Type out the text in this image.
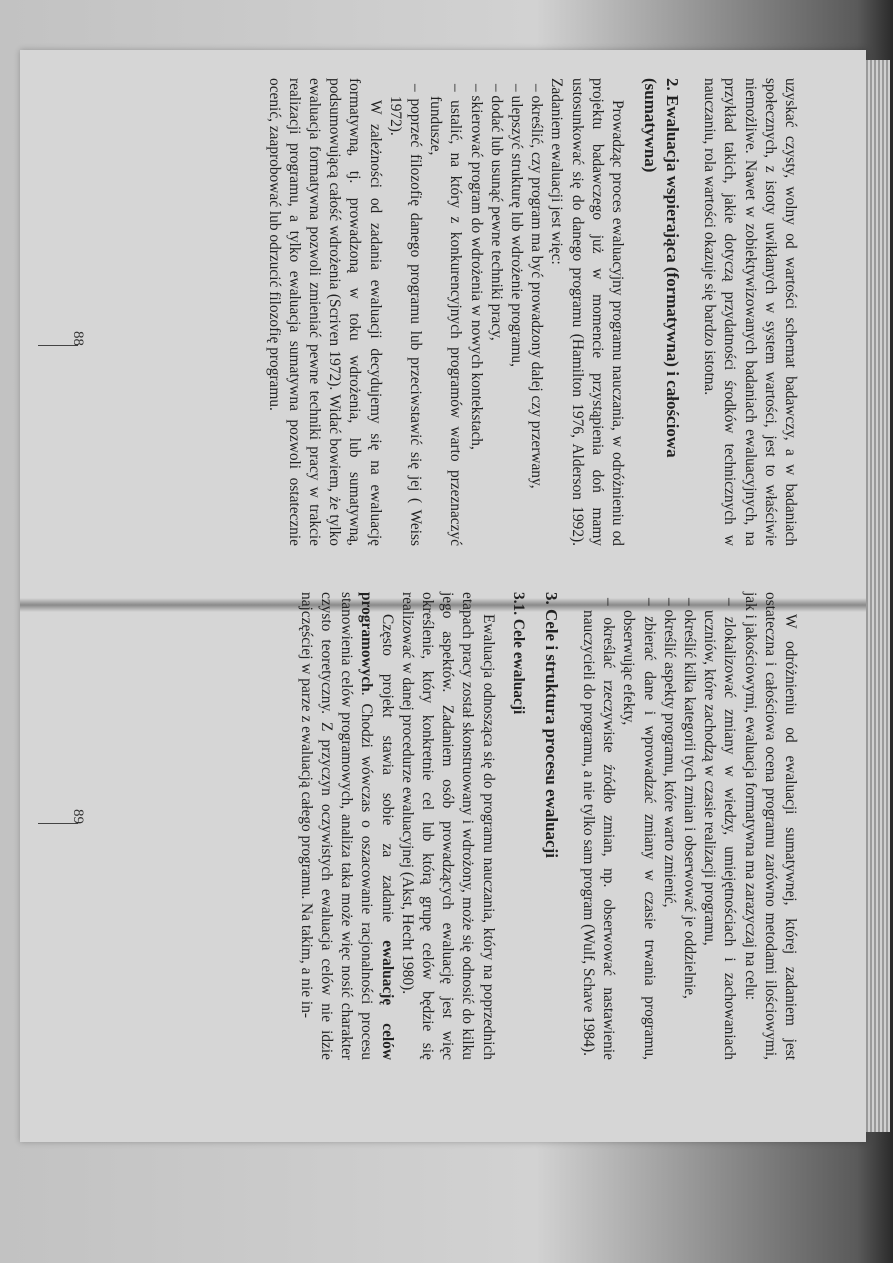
uzyskać czysty, wolny od wartości schemat badawczy, a w badaniach społecznych, z istoty uwikłanych w system wartości, jest to właściwie niemożliwe. Nawet w zobiektywizowanych badaniach ewaluacyjnych, na przykład takich, jakie dotyczą przydatności środków technicznych w nauczaniu, rola wartości okazuje się bardzo istotna.

2. Ewaluacja wspierająca (formatywna) i całościowa (sumatywna)

Prowadząc proces ewaluacyjny programu nauczania, w odróżnieniu od projektu badawczego już w momencie przystąpienia doń mamy ustosunkować się do danego programu (Hamilton 1976, Alderson 1992). Zadaniem ewaluacji jest więc:

– określić, czy program ma być prowadzony dalej czy przerwany,
– ulepszyć strukturę lub wdrożenie programu,
– dodać lub usunąć pewne techniki pracy,
– skierować program do wdrożenia w nowych kontekstach,
– ustalić, na który z konkurencyjnych programów warto przeznaczyć fundusze,
– poprzeć filozofię danego programu lub przeciwstawić się jej ( Weiss 1972).

W zależności od zadania ewaluacji decydujemy się na ewaluację formatywną, tj. prowadzoną w toku wdrożenia, lub sumatywną, podsumowującą całość wdrożenia (Scriven 1972). Widać bowiem, że tylko ewaluacja formatywna pozwoli zmieniać pewne techniki pracy w trakcie realizacji programu, a tylko ewaluacja sumatywna pozwoli ostatecznie ocenić, zaaprobować lub odrzucić filozofię programu.

88

W odróżnieniu od ewaluacji sumatywnej, której zadaniem jest ostateczna i całościowa ocena programu zarówno metodami ilościowymi, jak i jakościowymi, ewaluacja formatywna ma zarazyczaj na celu:

– zlokalizować zmiany w wiedzy, umiejętnościach i zachowaniach uczniów, które zachodzą w czasie realizacji programu,
– określić kilka kategorii tych zmian i obserwować je oddzielnie,
– określić aspekty programu, które warto zmienić,
– zbierać dane i wprowadzać zmiany w czasie trwania programu, obserwując efekty,
– określać rzeczywiste źródło zmian, np. obserwować nastawienie nauczycieli do programu, a nie tylko sam program (Wulf, Schave 1984).
3. Cele i struktura procesu ewaluacji
3.1. Cele ewaluacji

Ewaluacja odnosząca się do programu nauczania, który na poprzednich etapach pracy został skonstruowany i wdrożony, może się odnosić do kilku jego aspektów. Zadaniem osób prowadzących ewaluację jest więc określenie, który konkretnie cel lub którą grupę celów będzie się realizować w danej procedurze ewaluacyjnej (Akst, Hecht 1980).

Często projekt stawia sobie za zadanie ewaluację celów programowych. Chodzi wówczas o oszacowanie racjonalności procesu stanowienia celów programowych, analiza taka może więc nosić charakter czysto teoretyczny. Z przyczyn oczywistych ewaluacja celów nie idzie najczęściej w parze z ewaluacją całego programu. Na takim, a nie in-

89
